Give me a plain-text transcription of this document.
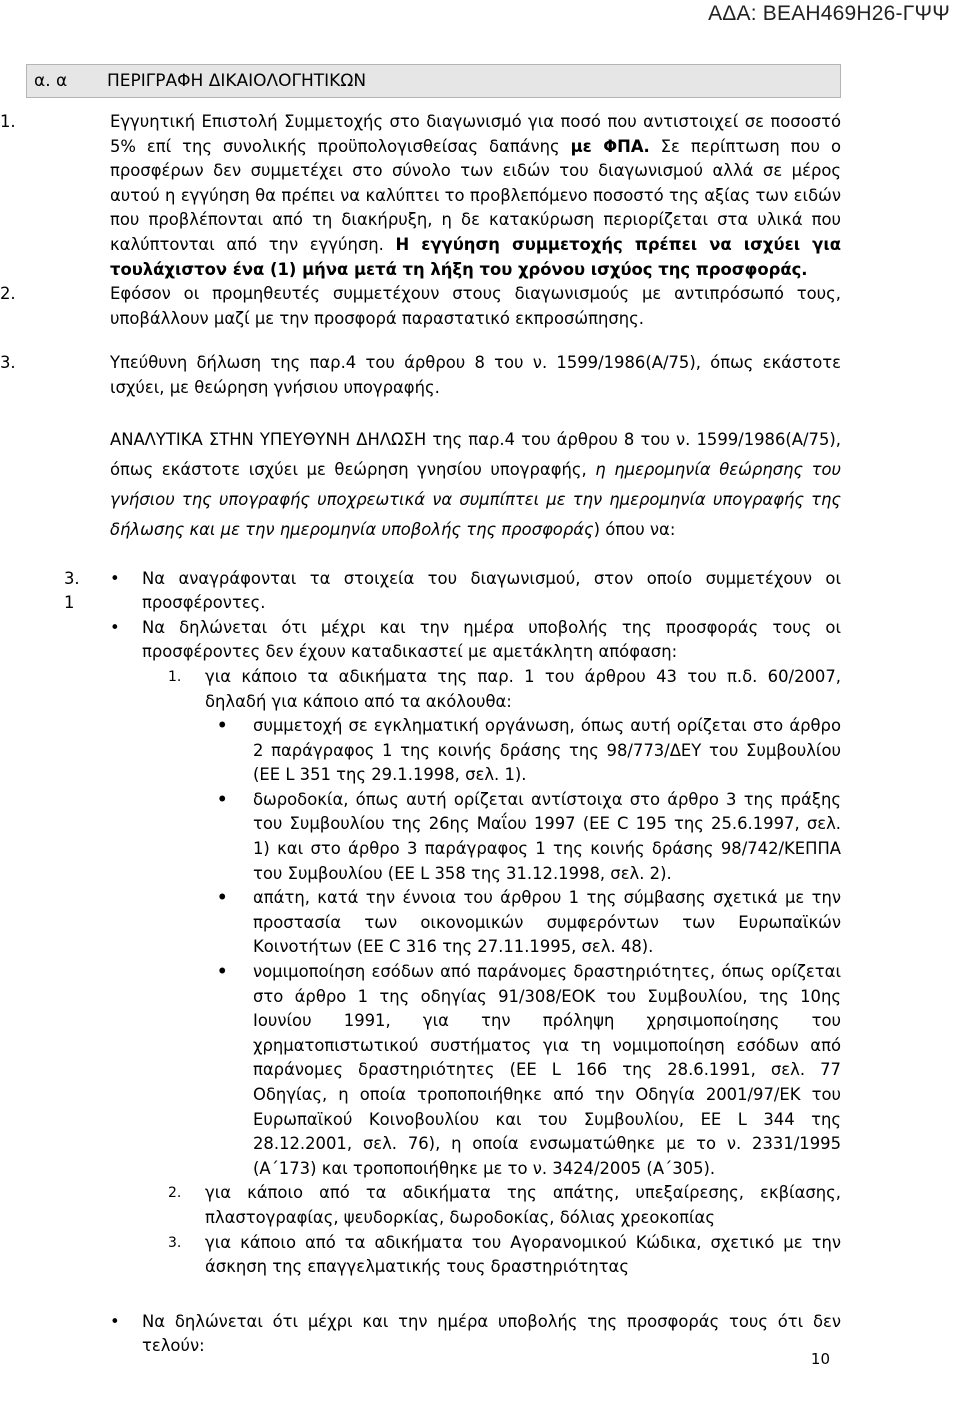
ΑΔΑ: ΒΕΑΗ469Η26-ΓΨΨ
α. α	ΠΕΡΙΓΡΑΦΗ ΔΙΚΑΙΟΛΟΓΗΤΙΚΩΝ
1.	Εγγυητική Επιστολή Συμμετοχής στο διαγωνισμό για ποσό που αντιστοιχεί σε ποσοστό 5% επί της συνολικής προϋπολογισθείσας δαπάνης με ΦΠΑ. Σε περίπτωση που ο προσφέρων δεν συμμετέχει στο σύνολο των ειδών του διαγωνισμού αλλά σε μέρος αυτού η εγγύηση θα πρέπει να καλύπτει το προβλεπόμενο ποσοστό της αξίας των ειδών που προβλέπονται από τη διακήρυξη, η δε κατακύρωση περιορίζεται στα υλικά που καλύπτονται από την εγγύηση. Η εγγύηση συμμετοχής πρέπει να ισχύει για τουλάχιστον ένα (1) μήνα μετά τη λήξη του χρόνου ισχύος της προσφοράς.
2.	Εφόσον οι προμηθευτές συμμετέχουν στους διαγωνισμούς με αντιπρόσωπό τους, υποβάλλουν μαζί με την προσφορά παραστατικό εκπροσώπησης.
3.	Υπεύθυνη δήλωση της παρ.4 του άρθρου 8 του ν. 1599/1986(Α/75), όπως εκάστοτε ισχύει, με θεώρηση γνήσιου υπογραφής.
ΑΝΑΛΥΤΙΚΑ ΣΤΗΝ ΥΠΕΥΘΥΝΗ ΔΗΛΩΣΗ της παρ.4 του άρθρου 8 του ν. 1599/1986(Α/75), όπως εκάστοτε ισχύει με θεώρηση γνησίου υπογραφής, η ημερομηνία θεώρησης του γνήσιου της υπογραφής υποχρεωτικά να συμπίπτει με την ημερομηνία υπογραφής της δήλωσης και με την ημερομηνία υποβολής της προσφοράς) όπου να:
3.
1
• Να αναγράφονται τα στοιχεία του διαγωνισμού, στον οποίο συμμετέχουν οι προσφέροντες.
• Να δηλώνεται ότι μέχρι και την ημέρα υποβολής της προσφοράς τους οι προσφέροντες δεν έχουν καταδικαστεί με αμετάκλητη απόφαση:
1. για κάποιο τα αδικήματα της παρ. 1 του άρθρου 43 του π.δ. 60/2007, δηλαδή για κάποιο από τα ακόλουθα:
• συμμετοχή σε εγκληματική οργάνωση, όπως αυτή ορίζεται στο άρθρο 2 παράγραφος 1 της κοινής δράσης της 98/773/ΔΕΥ του Συμβουλίου (ΕΕ L 351 της 29.1.1998, σελ. 1).
• δωροδοκία, όπως αυτή ορίζεται αντίστοιχα στο άρθρο 3 της πράξης του Συμβουλίου της 26ης Μαΐου 1997 (ΕΕ C 195 της 25.6.1997, σελ. 1) και στο άρθρο 3 παράγραφος 1 της κοινής δράσης 98/742/ΚΕΠΠΑ του Συμβουλίου (ΕΕ L 358 της 31.12.1998, σελ. 2).
• απάτη, κατά την έννοια του άρθρου 1 της σύμβασης σχετικά με την προστασία των οικονομικών συμφερόντων των Ευρωπαϊκών Κοινοτήτων (ΕΕ C 316 της 27.11.1995, σελ. 48).
• νομιμοποίηση εσόδων από παράνομες δραστηριότητες, όπως ορίζεται στο άρθρο 1 της οδηγίας 91/308/ΕΟΚ του Συμβουλίου, της 10ης Ιουνίου 1991, για την πρόληψη χρησιμοποίησης του χρηματοπιστωτικού συστήματος για τη νομιμοποίηση εσόδων από παράνομες δραστηριότητες (ΕΕ L 166 της 28.6.1991, σελ. 77 Οδηγίας, η οποία τροποποιήθηκε από την Οδηγία 2001/97/ΕΚ του Ευρωπαϊκού Κοινοβουλίου και του Συμβουλίου, ΕΕ L 344 της 28.12.2001, σελ. 76), η οποία ενσωματώθηκε με το ν. 2331/1995 (Α΄173) και τροποποιήθηκε με το ν. 3424/2005 (Α΄305).
2. για κάποιο από τα αδικήματα της απάτης, υπεξαίρεσης, εκβίασης, πλαστογραφίας, ψευδορκίας, δωροδοκίας, δόλιας χρεοκοπίας
3. για κάποιο από τα αδικήματα του Αγορανομικού Κώδικα, σχετικό με την άσκηση της επαγγελματικής τους δραστηριότητας
• Να δηλώνεται ότι μέχρι και την ημέρα υποβολής της προσφοράς τους ότι δεν τελούν:
10
